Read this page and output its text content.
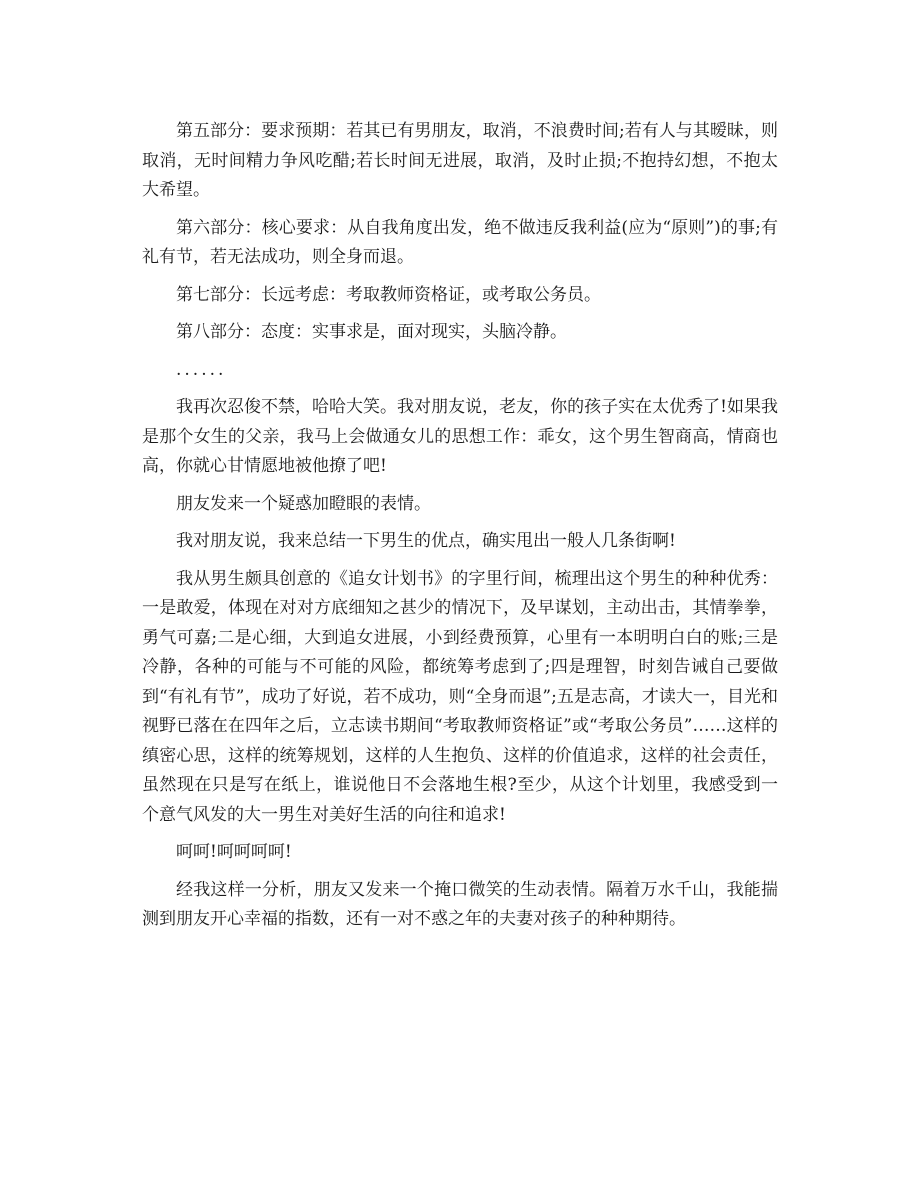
第五部分：要求预期：若其已有男朋友，取消，不浪费时间;若有人与其暧昧，则取消，无时间精力争风吃醋;若长时间无进展，取消，及时止损;不抱持幻想，不抱太大希望。

第六部分：核心要求：从自我角度出发，绝不做违反我利益(应为“原则”)的事;有礼有节，若无法成功，则全身而退。

第七部分：长远考虑：考取教师资格证，或考取公务员。

第八部分：态度：实事求是，面对现实，头脑冷静。

......

我再次忍俊不禁，哈哈大笑。我对朋友说，老友，你的孩子实在太优秀了!如果我是那个女生的父亲，我马上会做通女儿的思想工作：乖女，这个男生智商高，情商也高，你就心甘情愿地被他撩了吧!

朋友发来一个疑惑加瞪眼的表情。

我对朋友说，我来总结一下男生的优点，确实甩出一般人几条街啊!

我从男生颇具创意的《追女计划书》的字里行间，梳理出这个男生的种种优秀：一是敢爱，体现在对对方底细知之甚少的情况下，及早谋划，主动出击，其情拳拳，勇气可嘉;二是心细，大到追女进展，小到经费预算，心里有一本明明白白的账;三是冷静，各种的可能与不可能的风险，都统筹考虑到了;四是理智，时刻告诫自己要做到“有礼有节”，成功了好说，若不成功，则“全身而退”;五是志高，才读大一，目光和视野已落在在四年之后，立志读书期间“考取教师资格证”或“考取公务员”……这样的缜密心思，这样的统筹规划，这样的人生抱负、这样的价值追求，这样的社会责任，虽然现在只是写在纸上，谁说他日不会落地生根?至少，从这个计划里，我感受到一个意气风发的大一男生对美好生活的向往和追求!

呵呵!呵呵呵呵!

经我这样一分析，朋友又发来一个掩口微笑的生动表情。隔着万水千山，我能揣测到朋友开心幸福的指数，还有一对不惑之年的夫妻对孩子的种种期待。
